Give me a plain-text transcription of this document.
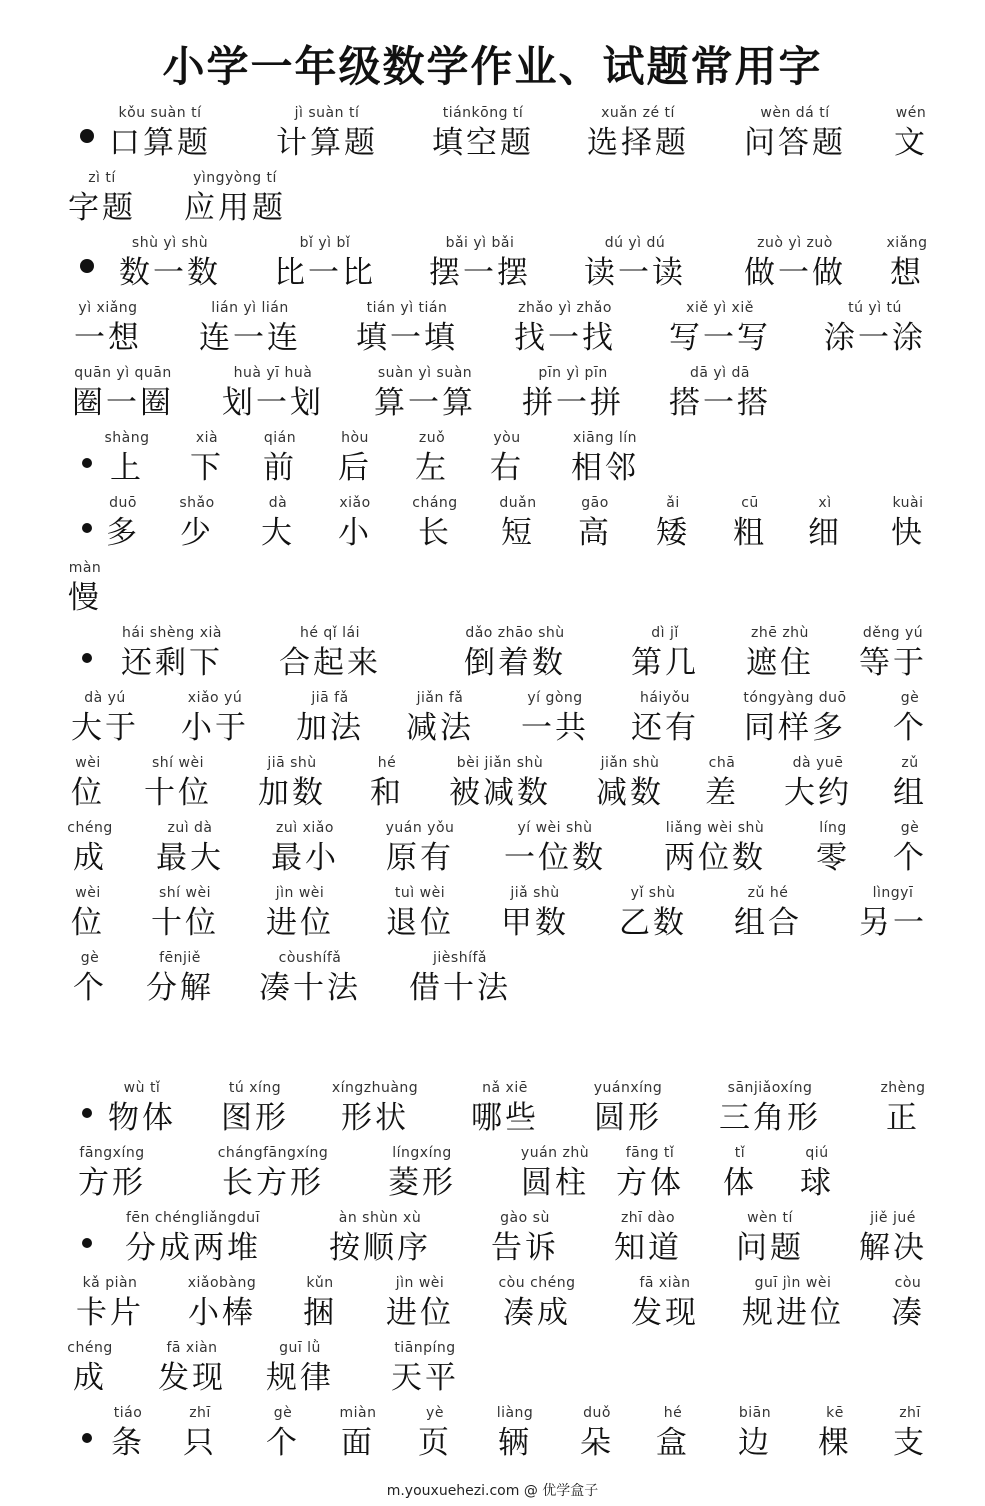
小学一年级数学作业、试题常用字
kǒu suàn tí
口算题
jì suàn tí
计算题
tiánkōng tí
填空题
xuǎn zé tí
选择题
wèn dá tí
问答题
wén
文
zì tí
字题
yìngyòng tí
应用题
shù yì shù
数一数
bǐ yì bǐ
比一比
bǎi yì bǎi
摆一摆
dú yì dú
读一读
zuò yì zuò
做一做
xiǎng
想
yì xiǎng
一想
lián yì lián
连一连
tián yì tián
填一填
zhǎo yì zhǎo
找一找
xiě yì xiě
写一写
tú yì tú
涂一涂
quān yì quān
圈一圈
huà yī huà
划一划
suàn yì suàn
算一算
pīn yì pīn
拼一拼
dā yì dā
搭一搭
shàng
上
xià
下
qián
前
hòu
后
zuǒ
左
yòu
右
xiāng lín
相邻
duō
多
shǎo
少
dà
大
xiǎo
小
cháng
长
duǎn
短
gāo
高
ǎi
矮
cū
粗
xì
细
kuài
快
màn
慢
hái shèng xià
还剩下
hé qǐ lái
合起来
dǎo zhāo shù
倒着数
dì jǐ
第几
zhē zhù
遮住
děng yú
等于
dà yú
大于
xiǎo yú
小于
jiā fǎ
加法
jiǎn fǎ
减法
yí gòng
一共
háiyǒu
还有
tóngyàng duō
同样多
gè
个
wèi
位
shí wèi
十位
jiā shù
加数
hé
和
bèi jiǎn shù
被减数
jiǎn shù
减数
chā
差
dà yuē
大约
zǔ
组
chéng
成
zuì dà
最大
zuì xiǎo
最小
yuán yǒu
原有
yí wèi shù
一位数
liǎng wèi shù
两位数
líng
零
gè
个
wèi
位
shí wèi
十位
jìn wèi
进位
tuì wèi
退位
jiǎ shù
甲数
yǐ shù
乙数
zǔ hé
组合
lìngyī
另一
gè
个
fēnjiě
分解
còushífǎ
凑十法
jièshífǎ
借十法
wù tǐ
物体
tú xíng
图形
xíngzhuàng
形状
nǎ xiē
哪些
yuánxíng
圆形
sānjiǎoxíng
三角形
zhèng
正
fāngxíng
方形
chángfāngxíng
长方形
língxíng
菱形
yuán zhù
圆柱
fāng tǐ
方体
tǐ
体
qiú
球
fēn chéngliǎngduī
分成两堆
àn shùn xù
按顺序
gào sù
告诉
zhī dào
知道
wèn tí
问题
jiě jué
解决
kǎ piàn
卡片
xiǎobàng
小棒
kǔn
捆
jìn wèi
进位
còu chéng
凑成
fā xiàn
发现
guī jìn wèi
规进位
còu
凑
chéng
成
fā xiàn
发现
guī lǜ
规律
tiānpíng
天平
tiáo
条
zhī
只
gè
个
miàn
面
yè
页
liàng
辆
duǒ
朵
hé
盒
biān
边
kē
棵
zhī
支
m.youxuehezi.com @ 优学盒子
